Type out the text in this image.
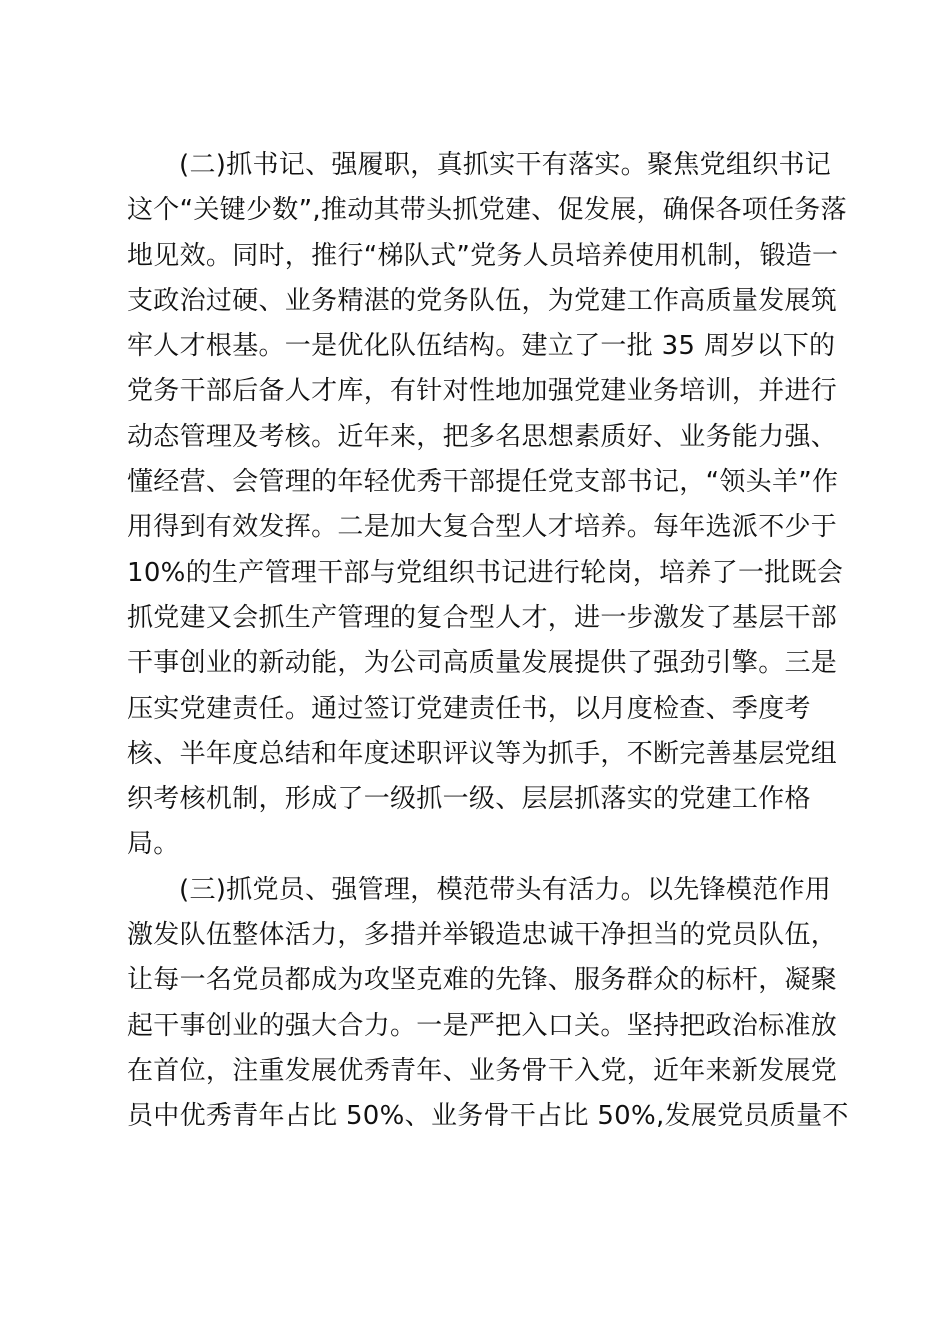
(二)抓书记、强履职，真抓实干有落实。聚焦党组织书记
这个“关键少数”,推动其带头抓党建、促发展，确保各项任务落
地见效。同时，推行“梯队式”党务人员培养使用机制，锻造一
支政治过硬、业务精湛的党务队伍，为党建工作高质量发展筑
牢人才根基。一是优化队伍结构。建立了一批 35 周岁以下的
党务干部后备人才库，有针对性地加强党建业务培训，并进行
动态管理及考核。近年来，把多名思想素质好、业务能力强、
懂经营、会管理的年轻优秀干部提任党支部书记，“领头羊”作
用得到有效发挥。二是加大复合型人才培养。每年选派不少于
10%的生产管理干部与党组织书记进行轮岗，培养了一批既会
抓党建又会抓生产管理的复合型人才，进一步激发了基层干部
干事创业的新动能，为公司高质量发展提供了强劲引擎。三是
压实党建责任。通过签订党建责任书，以月度检查、季度考
核、半年度总结和年度述职评议等为抓手，不断完善基层党组
织考核机制，形成了一级抓一级、层层抓落实的党建工作格
局。
(三)抓党员、强管理，模范带头有活力。以先锋模范作用
激发队伍整体活力，多措并举锻造忠诚干净担当的党员队伍，
让每一名党员都成为攻坚克难的先锋、服务群众的标杆，凝聚
起干事创业的强大合力。一是严把入口关。坚持把政治标准放
在首位，注重发展优秀青年、业务骨干入党，近年来新发展党
员中优秀青年占比 50%、业务骨干占比 50%,发展党员质量不
